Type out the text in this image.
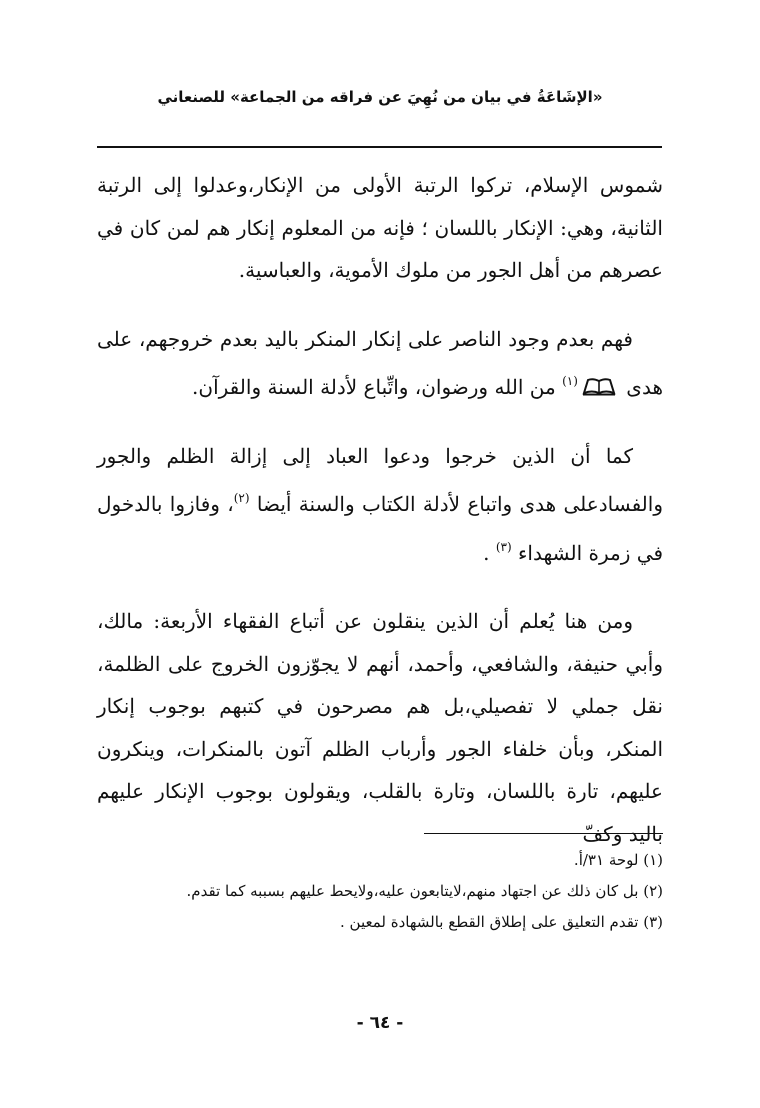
«الإشَاعَةُ في بيان من نُهِيَ عن فراقه من الجماعة» للصنعاني

شموس الإسلام، تركوا الرتبة الأولى من الإنكار،وعدلوا إلى الرتبة الثانية، وهي: الإنكار باللسان ؛ فإنه من المعلوم إنكار هم لمن كان في عصرهم من أهل الجور من ملوك الأموية، والعباسية.

فهم بعدم وجود الناصر على إنكار المنكر باليد بعدم خروجهم، على هدى
$^{(١)}$ من الله ورضوان، واتِّباع لأدلة السنة والقرآن.

كما أن الذين خرجوا ودعوا العباد إلى إزالة الظلم والجور والفسادعلى هدى واتباع لأدلة الكتاب والسنة أيضا $^{(٢)}$، وفازوا بالدخول في زمرة الشهداء $^{(٣)}$ .

ومن هنا يُعلم أن الذين ينقلون عن أتباع الفقهاء الأربعة: مالك، وأبي حنيفة، والشافعي، وأحمد، أنهم لا يجوّزون الخروج على الظلمة، نقل جملي لا تفصيلي،بل هم مصرحون في كتبهم بوجوب إنكار المنكر، وبأن خلفاء الجور وأرباب الظلم آتون بالمنكرات، وينكرون عليهم، تارة باللسان، وتارة بالقلب، ويقولون بوجوب الإنكار عليهم باليد وكفّ

(١) لوحة ٣١/أ.

(٢) بل كان ذلك عن اجتهاد منهم،لايتابعون عليه،ولايحط عليهم بسببه كما تقدم.

(٣) تقدم التعليق على إطلاق القطع بالشهادة لمعين .

- ٦٤ -
